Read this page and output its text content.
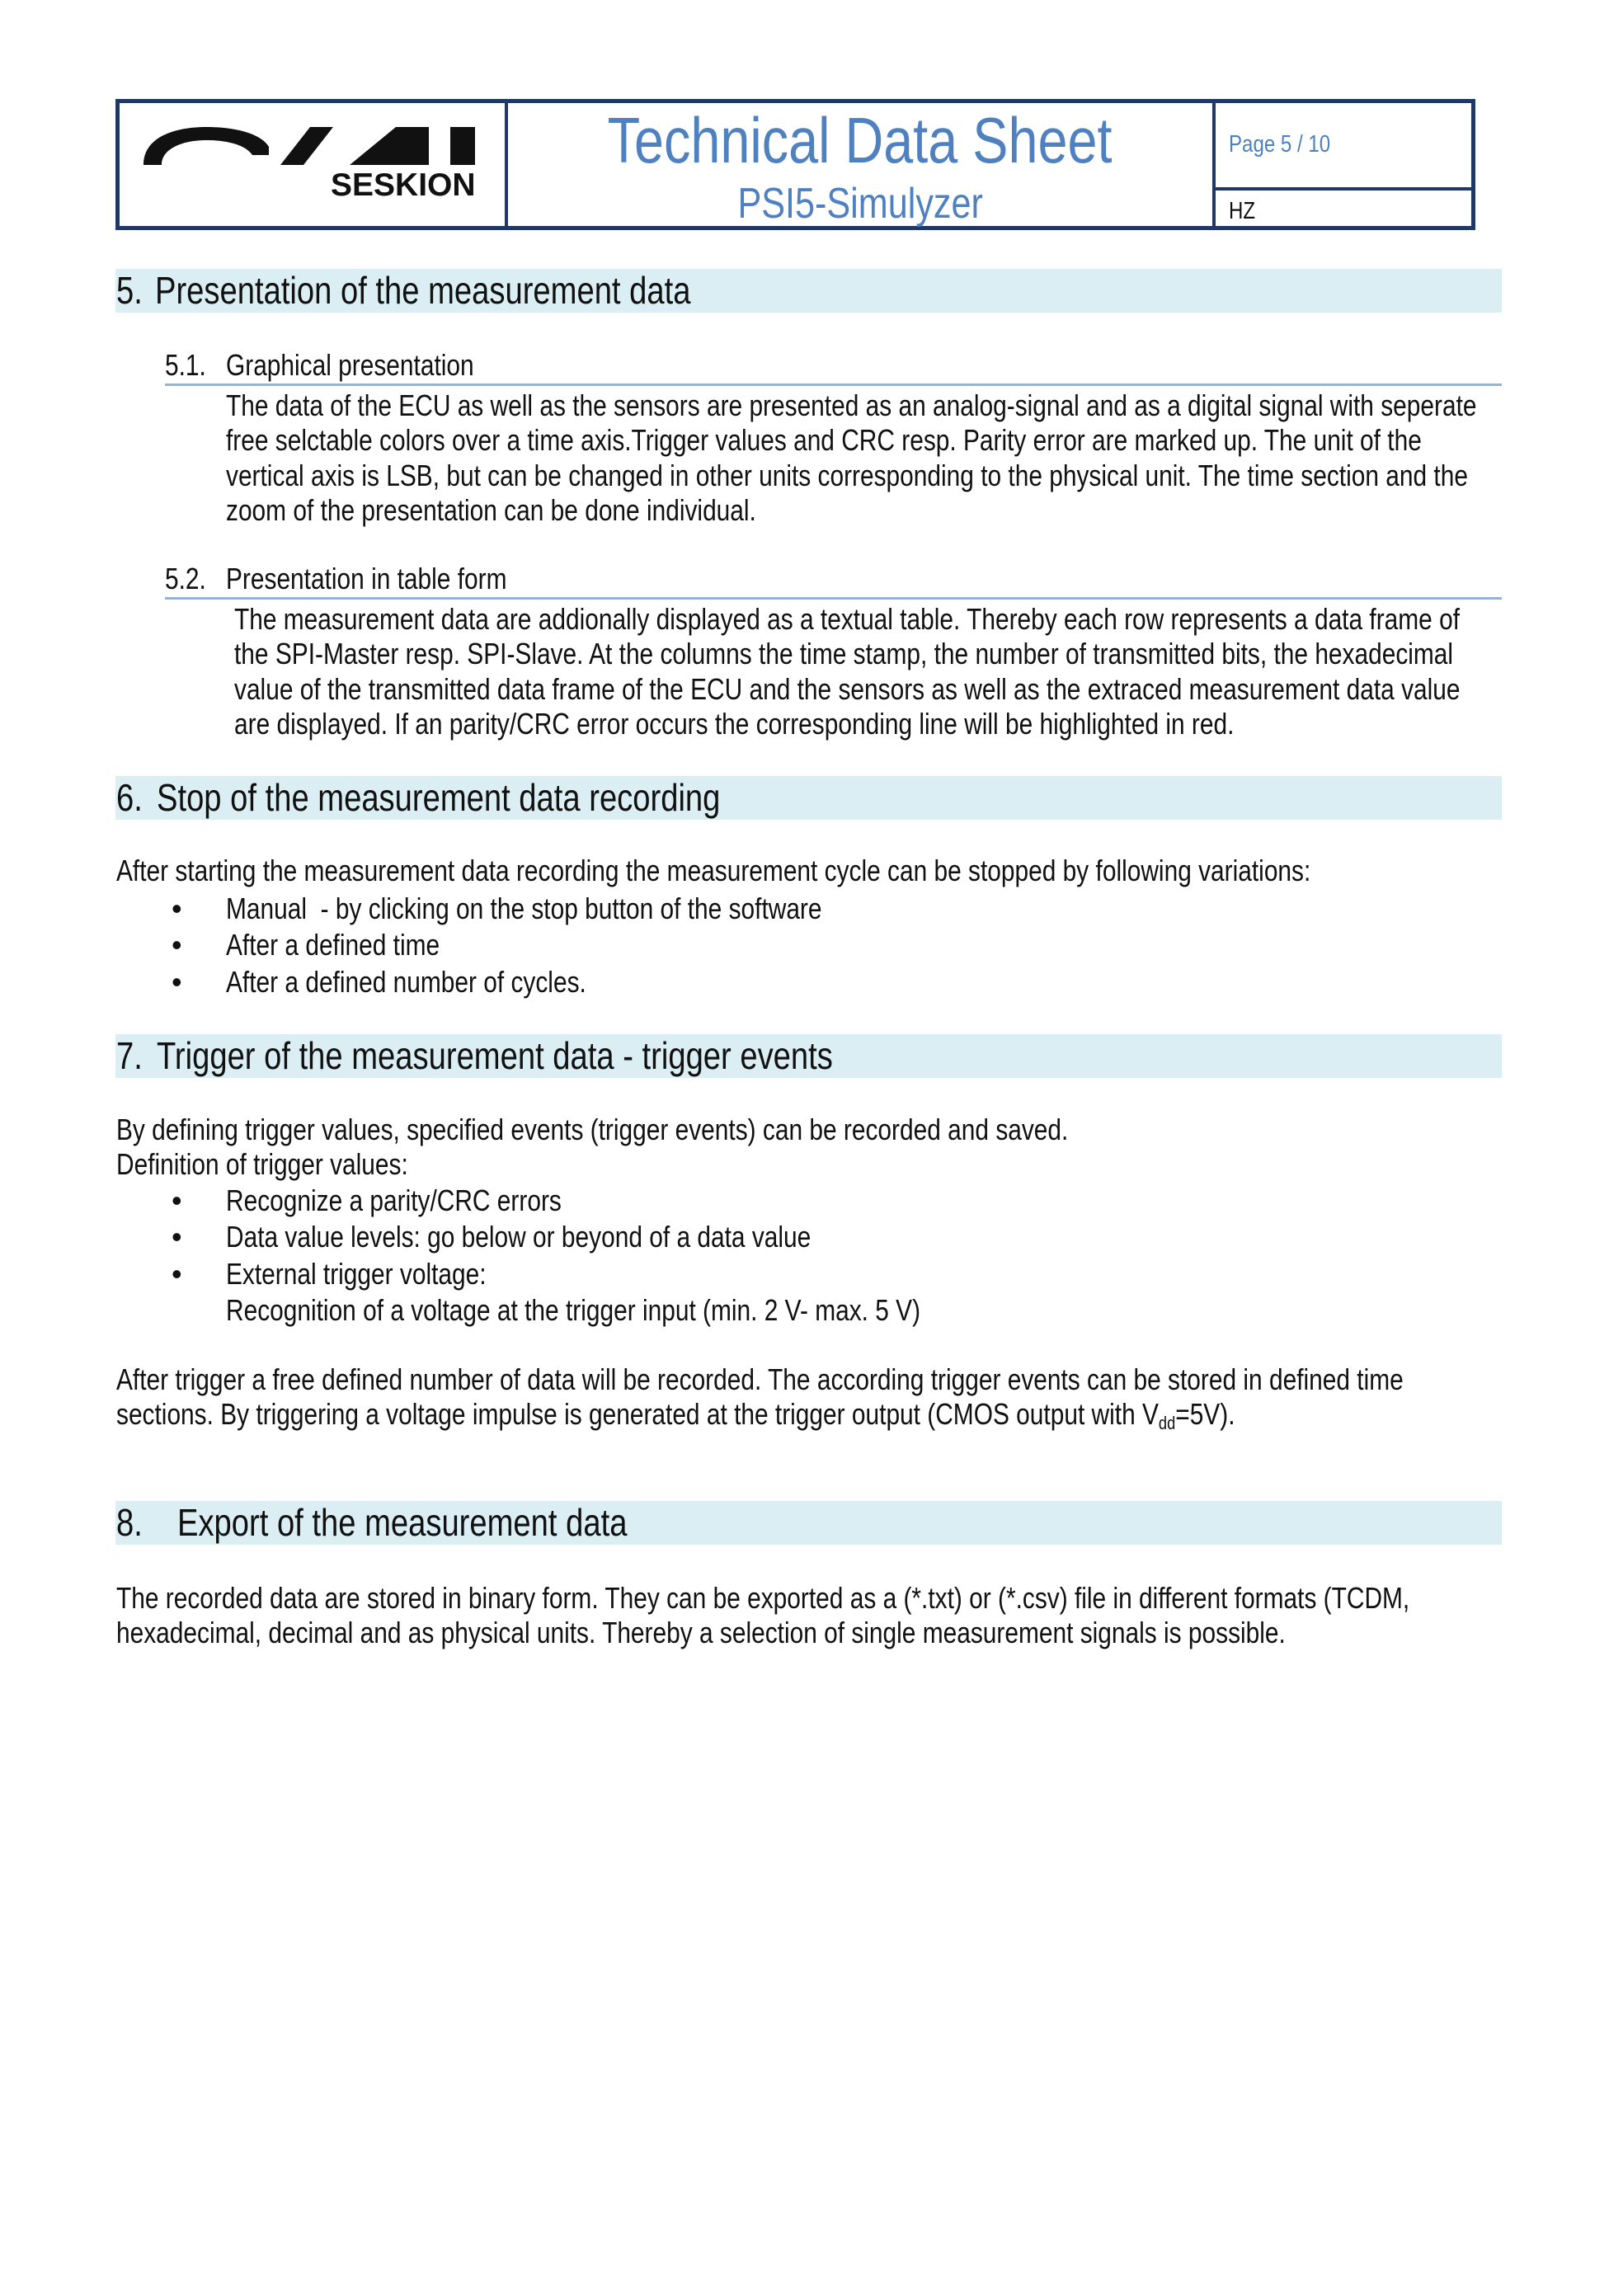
SESKION
Technical Data Sheet
PSI5-Simulyzer
Page 5 / 10
HZ
5. Presentation of the measurement data
5.1. Graphical presentation
The data of the ECU as well as the sensors are presented as an analog-signal and as a digital signal with seperate
free selctable colors over a time axis.Trigger values and CRC resp. Parity error are marked up. The unit of the
vertical axis is LSB, but can be changed in other units corresponding to the physical unit. The time section and the
zoom of the presentation can be done individual.
5.2. Presentation in table form
The measurement data are addionally displayed as a textual table. Thereby each row represents a data frame of
the SPI-Master resp. SPI-Slave. At the columns the time stamp, the number of transmitted bits, the hexadecimal
value of the transmitted data frame of the ECU and the sensors as well as the extraced measurement data value
are displayed. If an parity/CRC error occurs the corresponding line will be highlighted in red.
6. Stop of the measurement data recording
After starting the measurement data recording the measurement cycle can be stopped by following variations:
• Manual  - by clicking on the stop button of the software
• After a defined time
• After a defined number of cycles.
7. Trigger of the measurement data - trigger events
By defining trigger values, specified events (trigger events) can be recorded and saved.
Definition of trigger values:
• Recognize a parity/CRC errors
• Data value levels: go below or beyond of a data value
• External trigger voltage:
Recognition of a voltage at the trigger input (min. 2 V- max. 5 V)
After trigger a free defined number of data will be recorded. The according trigger events can be stored in defined time
sections. By triggering a voltage impulse is generated at the trigger output (CMOS output with $V_{dd}=5V$).
8. Export of the measurement data
The recorded data are stored in binary form. They can be exported as a (*.txt) or (*.csv) file in different formats (TCDM,
hexadecimal, decimal and as physical units. Thereby a selection of single measurement signals is possible.
